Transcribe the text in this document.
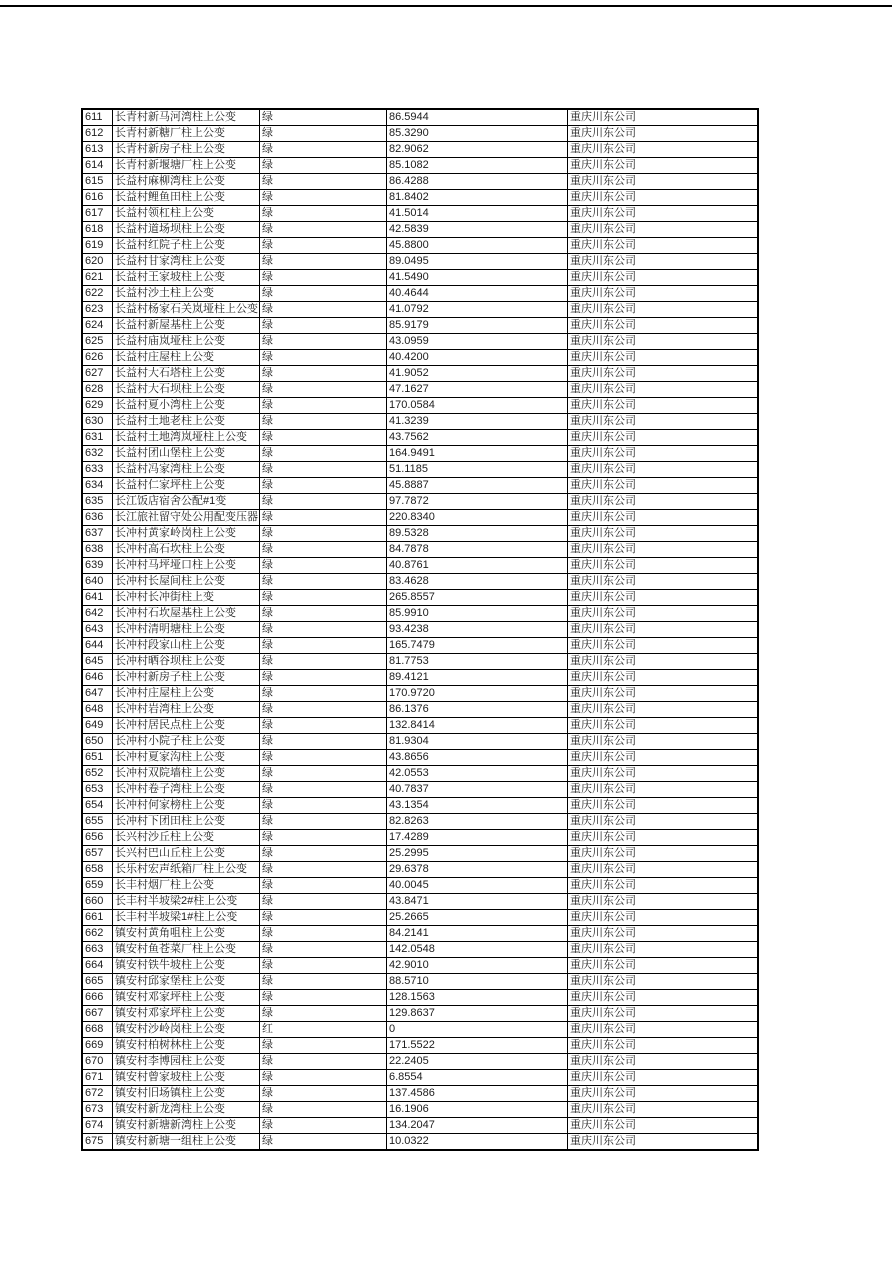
611	长青村新马河湾柱上公变	绿	86.5944	重庆川东公司
612	长青村新糖厂柱上公变	绿	85.3290	重庆川东公司
613	长青村新房子柱上公变	绿	82.9062	重庆川东公司
614	长青村新堰塘厂柱上公变	绿	85.1082	重庆川东公司
615	长益村麻柳湾柱上公变	绿	86.4288	重庆川东公司
616	长益村鲤鱼田柱上公变	绿	81.8402	重庆川东公司
617	长益村领杠柱上公变	绿	41.5014	重庆川东公司
618	长益村道场坝柱上公变	绿	42.5839	重庆川东公司
619	长益村红院子柱上公变	绿	45.8800	重庆川东公司
620	长益村甘家湾柱上公变	绿	89.0495	重庆川东公司
621	长益村王家坡柱上公变	绿	41.5490	重庆川东公司
622	长益村沙土柱上公变	绿	40.4644	重庆川东公司
623	长益村杨家石关岚垭柱上公变	绿	41.0792	重庆川东公司
624	长益村新屋基柱上公变	绿	85.9179	重庆川东公司
625	长益村庙岚垭柱上公变	绿	43.0959	重庆川东公司
626	长益村庄屋柱上公变	绿	40.4200	重庆川东公司
627	长益村大石塔柱上公变	绿	41.9052	重庆川东公司
628	长益村大石坝柱上公变	绿	47.1627	重庆川东公司
629	长益村夏小湾柱上公变	绿	170.0584	重庆川东公司
630	长益村土地老柱上公变	绿	41.3239	重庆川东公司
631	长益村土地湾岚垭柱上公变	绿	43.7562	重庆川东公司
632	长益村团山堡柱上公变	绿	164.9491	重庆川东公司
633	长益村冯家湾柱上公变	绿	51.1185	重庆川东公司
634	长益村仁家坪柱上公变	绿	45.8887	重庆川东公司
635	长江饭店宿舍公配#1变	绿	97.7872	重庆川东公司
636	长江旅社留守处公用配变压器	绿	220.8340	重庆川东公司
637	长冲村黄家岭岗柱上公变	绿	89.5328	重庆川东公司
638	长冲村高石坎柱上公变	绿	84.7878	重庆川东公司
639	长冲村马坪垭口柱上公变	绿	40.8761	重庆川东公司
640	长冲村长屋间柱上公变	绿	83.4628	重庆川东公司
641	长冲村长冲街柱上变	绿	265.8557	重庆川东公司
642	长冲村石坎屋基柱上公变	绿	85.9910	重庆川东公司
643	长冲村清明塘柱上公变	绿	93.4238	重庆川东公司
644	长冲村段家山柱上公变	绿	165.7479	重庆川东公司
645	长冲村晒谷坝柱上公变	绿	81.7753	重庆川东公司
646	长冲村新房子柱上公变	绿	89.4121	重庆川东公司
647	长冲村庄屋柱上公变	绿	170.9720	重庆川东公司
648	长冲村岩湾柱上公变	绿	86.1376	重庆川东公司
649	长冲村居民点柱上公变	绿	132.8414	重庆川东公司
650	长冲村小院子柱上公变	绿	81.9304	重庆川东公司
651	长冲村夏家沟柱上公变	绿	43.8656	重庆川东公司
652	长冲村双院墙柱上公变	绿	42.0553	重庆川东公司
653	长冲村卷子湾柱上公变	绿	40.7837	重庆川东公司
654	长冲村何家榜柱上公变	绿	43.1354	重庆川东公司
655	长冲村下团田柱上公变	绿	82.8263	重庆川东公司
656	长兴村沙丘柱上公变	绿	17.4289	重庆川东公司
657	长兴村巴山丘柱上公变	绿	25.2995	重庆川东公司
658	长乐村宏声纸箱厂柱上公变	绿	29.6378	重庆川东公司
659	长丰村烟厂柱上公变	绿	40.0045	重庆川东公司
660	长丰村半坡梁2#柱上公变	绿	43.8471	重庆川东公司
661	长丰村半坡梁1#柱上公变	绿	25.2665	重庆川东公司
662	镇安村黄角咀柱上公变	绿	84.2141	重庆川东公司
663	镇安村鱼苍菜厂柱上公变	绿	142.0548	重庆川东公司
664	镇安村铁牛坡柱上公变	绿	42.9010	重庆川东公司
665	镇安村邱家堡柱上公变	绿	88.5710	重庆川东公司
666	镇安村邓家坪柱上公变	绿	128.1563	重庆川东公司
667	镇安村邓家坪柱上公变	绿	129.8637	重庆川东公司
668	镇安村沙岭岗柱上公变	红	0	重庆川东公司
669	镇安村柏树林柱上公变	绿	171.5522	重庆川东公司
670	镇安村李博园柱上公变	绿	22.2405	重庆川东公司
671	镇安村曾家坡柱上公变	绿	6.8554	重庆川东公司
672	镇安村旧场镇柱上公变	绿	137.4586	重庆川东公司
673	镇安村新龙湾柱上公变	绿	16.1906	重庆川东公司
674	镇安村新塘新湾柱上公变	绿	134.2047	重庆川东公司
675	镇安村新塘一组柱上公变	绿	10.0322	重庆川东公司
